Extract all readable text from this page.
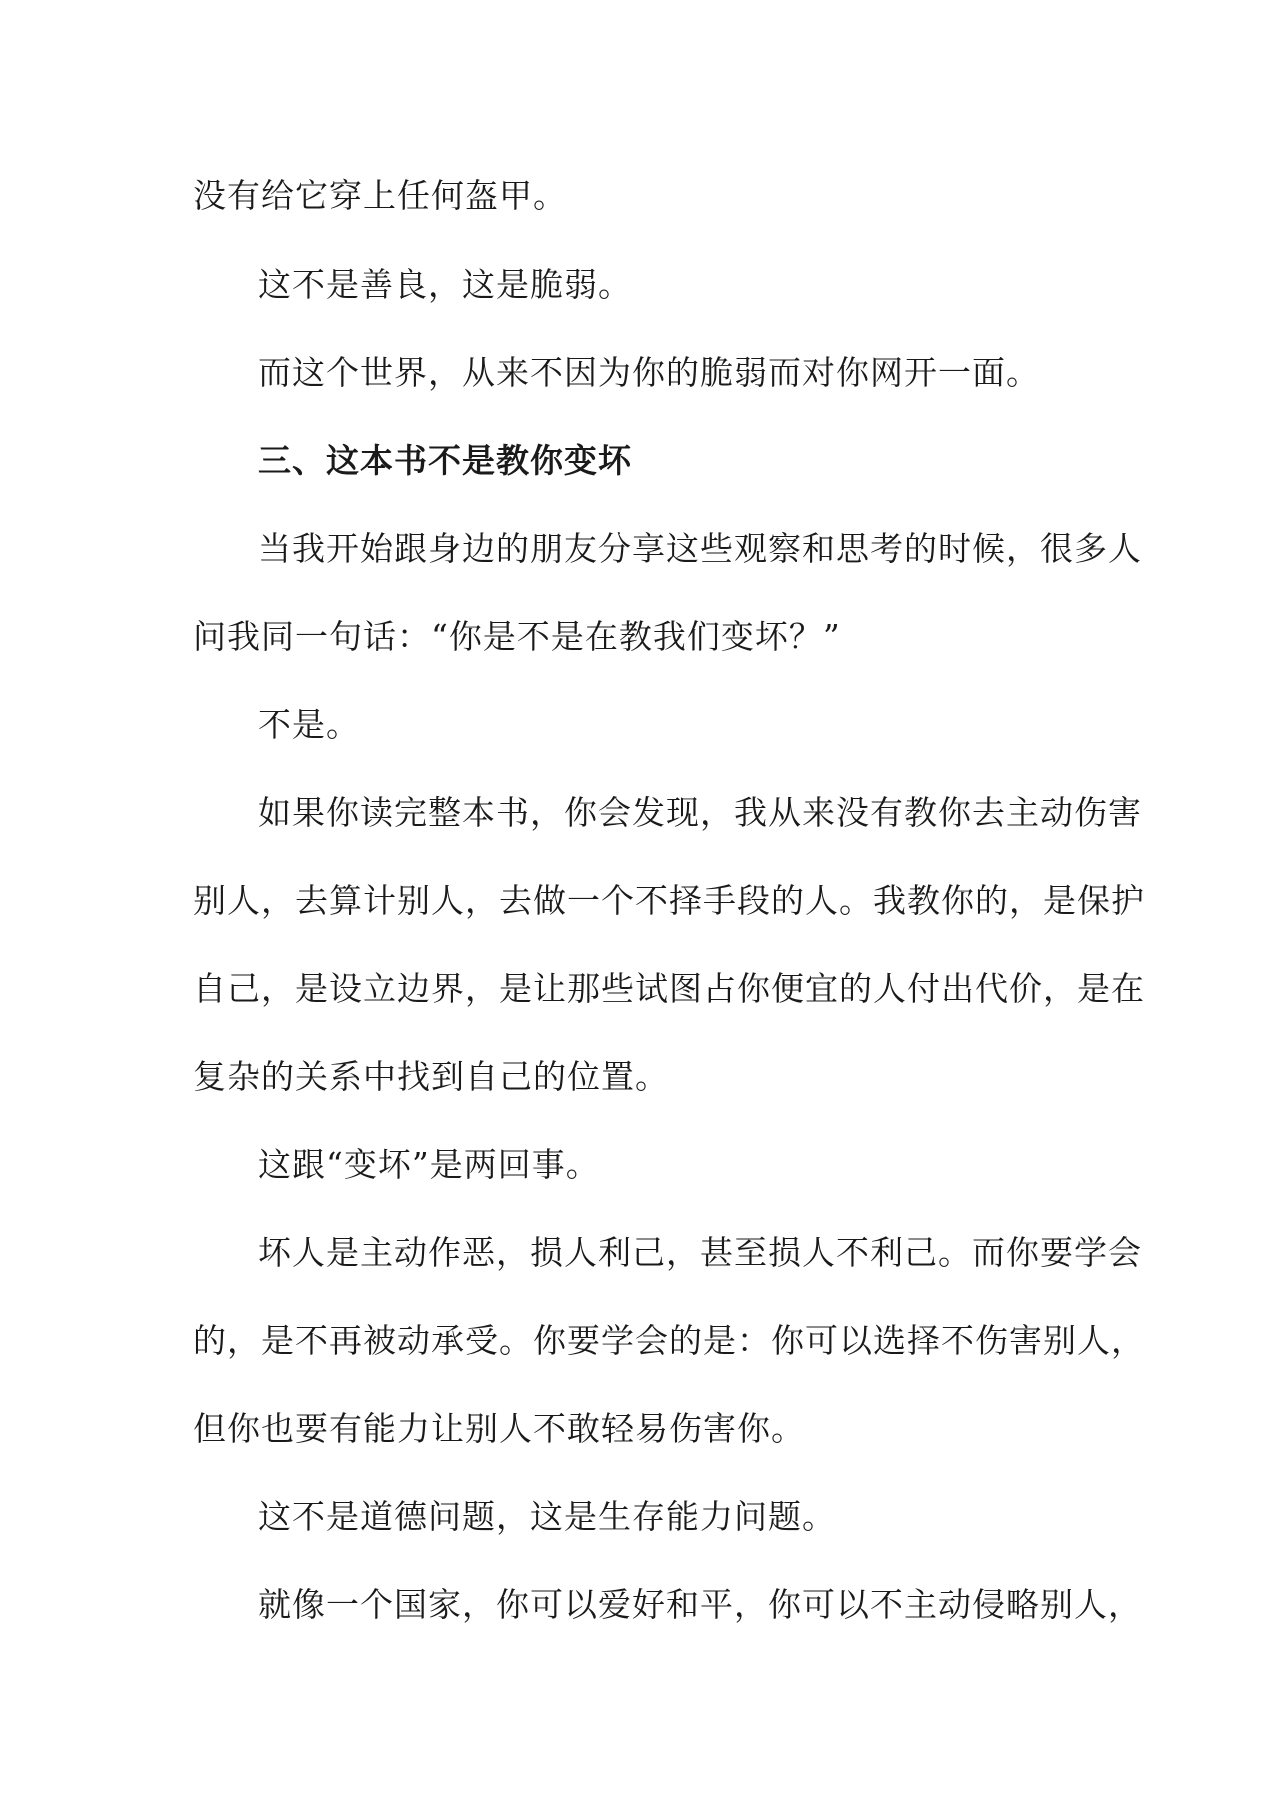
没有给它穿上任何盔甲。
这不是善良，这是脆弱。
而这个世界，从来不因为你的脆弱而对你网开一面。
三、这本书不是教你变坏
当我开始跟身边的朋友分享这些观察和思考的时候，很多人
问我同一句话：“你是不是在教我们变坏？”
不是。
如果你读完整本书，你会发现，我从来没有教你去主动伤害
别人，去算计别人，去做一个不择手段的人。我教你的，是保护
自己，是设立边界，是让那些试图占你便宜的人付出代价，是在
复杂的关系中找到自己的位置。
这跟“变坏”是两回事。
坏人是主动作恶，损人利己，甚至损人不利己。而你要学会
的，是不再被动承受。你要学会的是：你可以选择不伤害别人，
但你也要有能力让别人不敢轻易伤害你。
这不是道德问题，这是生存能力问题。
就像一个国家，你可以爱好和平，你可以不主动侵略别人，
